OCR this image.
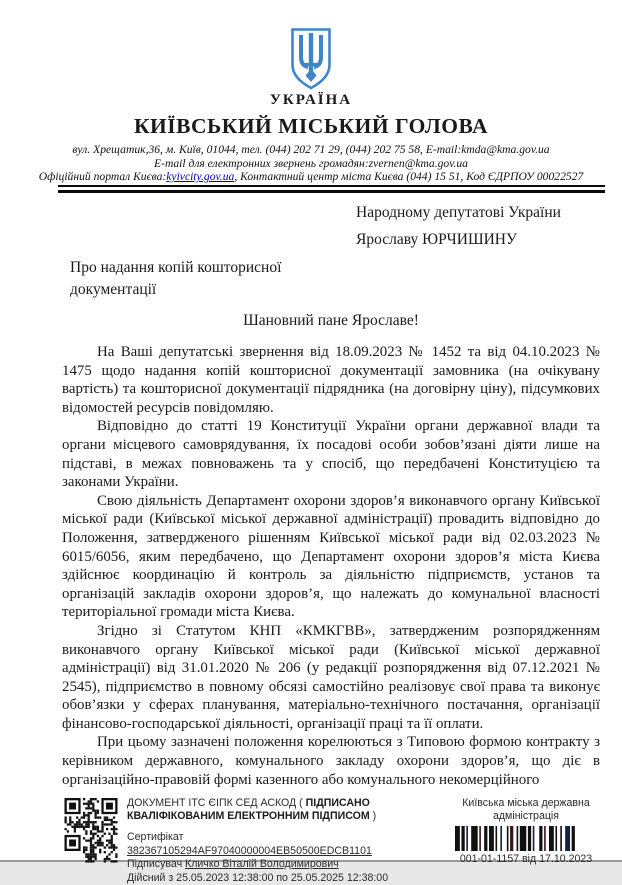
УКРАЇНА
КИЇВСЬКИЙ МІСЬКИЙ ГОЛОВА
вул. Хрещатик,36, м. Київ, 01044, тел. (044) 202 71 29, (044) 202 75 58, E-mail:kmda@kma.gov.ua
E-mail для електронних звернень громадян:zvernen@kma.gov.ua
Офіційний портал Києва:kyivcity.gov.ua, Контактний центр міста Києва (044) 15 51, Код ЄДРПОУ 00022527
Народному депутатові України
Ярославу ЮРЧИШИНУ
Про надання копій кошторисної
документації
Шановний пане Ярославе!

На Ваші депутатські звернення від 18.09.2023 № 1452 та від 04.10.2023 № 1475 щодо надання копій кошторисної документації замовника (на очікувану вартість) та кошторисної документації підрядника (на договірну ціну), підсумкових відомостей ресурсів повідомляю.

Відповідно до статті 19 Конституції України органи державної влади та органи місцевого самоврядування, їх посадові особи зобов’язані діяти лише на підставі, в межах повноважень та у спосіб, що передбачені Конституцією та законами України.

Свою діяльність Департамент охорони здоров’я виконавчого органу Київської міської ради (Київської міської державної адміністрації) провадить відповідно до Положення, затвердженого рішенням Київської міської ради від 02.03.2023 № 6015/6056, яким передбачено, що Департамент охорони здоров’я міста Києва здійснює координацію й контроль за діяльністю підприємств, установ та організацій закладів охорони здоров’я, що належать до комунальної власності територіальної громади міста Києва.

Згідно зі Статутом КНП «КМКГВВ», затвердженим розпорядженням виконавчого органу Київської міської ради (Київської міської державної адміністрації) від 31.01.2020 № 206 (у редакції розпорядження від 07.12.2021 № 2545), підприємство в повному обсязі самостійно реалізовує свої права та виконує обов’язки у сферах планування, матеріально-технічного постачання, організації фінансово-господарської діяльності, організації праці та її оплати.

При цьому зазначені положення корелюються з Типовою формою контракту з керівником державного, комунального закладу охорони здоров’я, що діє в організаційно-правовій формі казенного або комунального некомерційного

ДОКУМЕНТ ІТС ЄІПК СЕД АСКОД ( ПІДПИСАНО КВАЛІФІКОВАНИМ ЕЛЕКТРОННИМ ПІДПИСОМ )
Сертифікат 382367105294AF97040000004EB50500EDCB1101
Підписувач Кличко Віталій Володимирович
Дійсний з 25.05.2023 12:38:00 по 25.05.2025 12:38:00
Київська міська державна адміністрація
001-01-1157 від 17.10.2023
